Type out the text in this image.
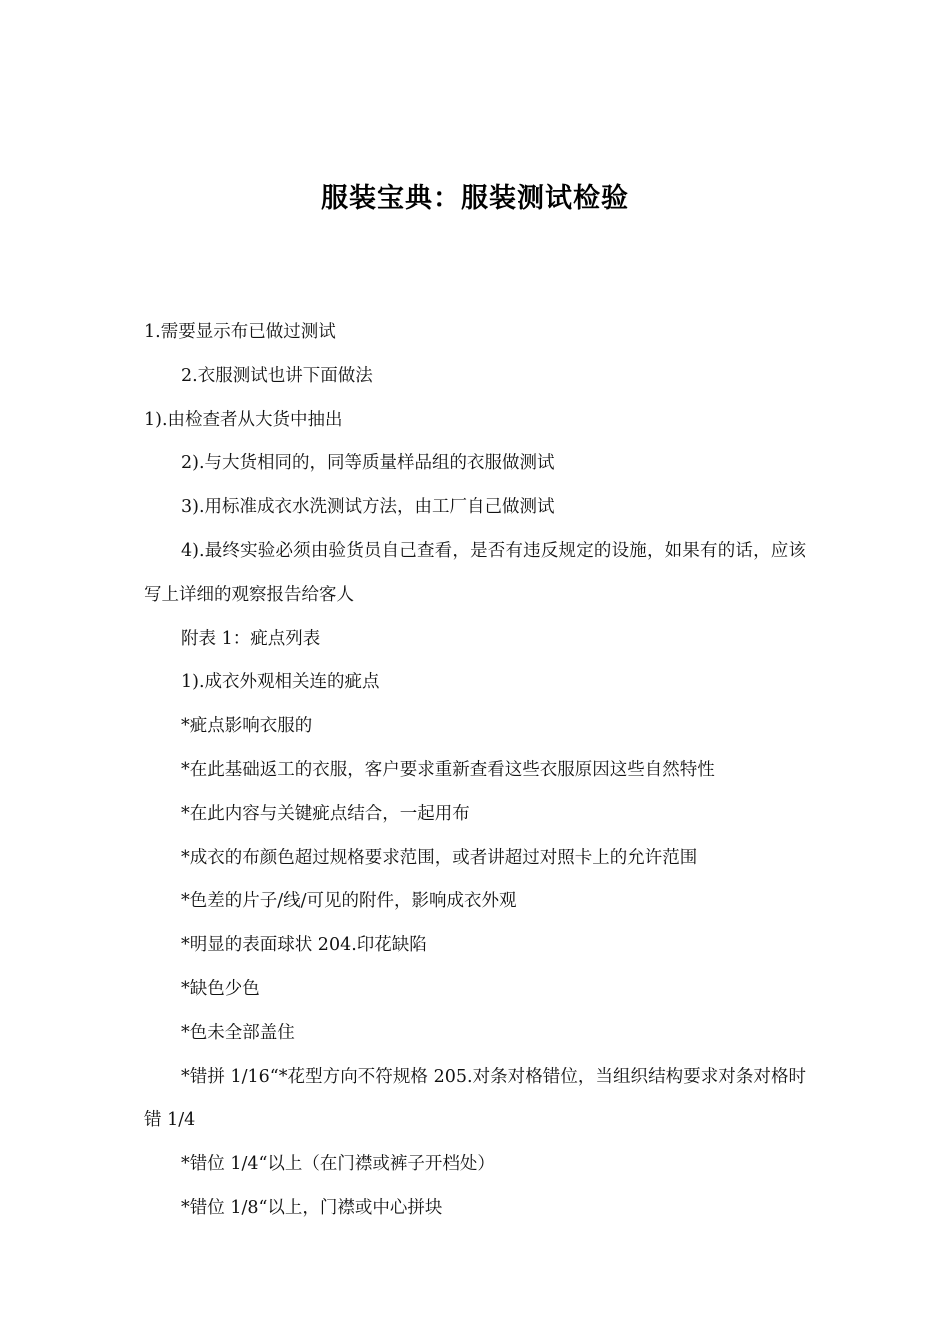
服装宝典：服装测试检验

1.需要显示布已做过测试

2.衣服测试也讲下面做法

1).由检查者从大货中抽出

2).与大货相同的，同等质量样品组的衣服做测试

3).用标准成衣水洗测试方法，由工厂自己做测试

4).最终实验必须由验货员自己查看，是否有违反规定的设施，如果有的话，应该写上详细的观察报告给客人

附表 1：疵点列表

1).成衣外观相关连的疵点

*疵点影响衣服的

*在此基础返工的衣服，客户要求重新查看这些衣服原因这些自然特性

*在此内容与关键疵点结合，一起用布

*成衣的布颜色超过规格要求范围，或者讲超过对照卡上的允许范围

*色差的片子/线/可见的附件，影响成衣外观

*明显的表面球状 204.印花缺陷

*缺色少色

*色未全部盖住

*错拼 1/16“*花型方向不符规格 205.对条对格错位，当组织结构要求对条对格时错 1/4

*错位 1/4“以上（在门襟或裤子开档处）

*错位 1/8“以上，门襟或中心拼块
